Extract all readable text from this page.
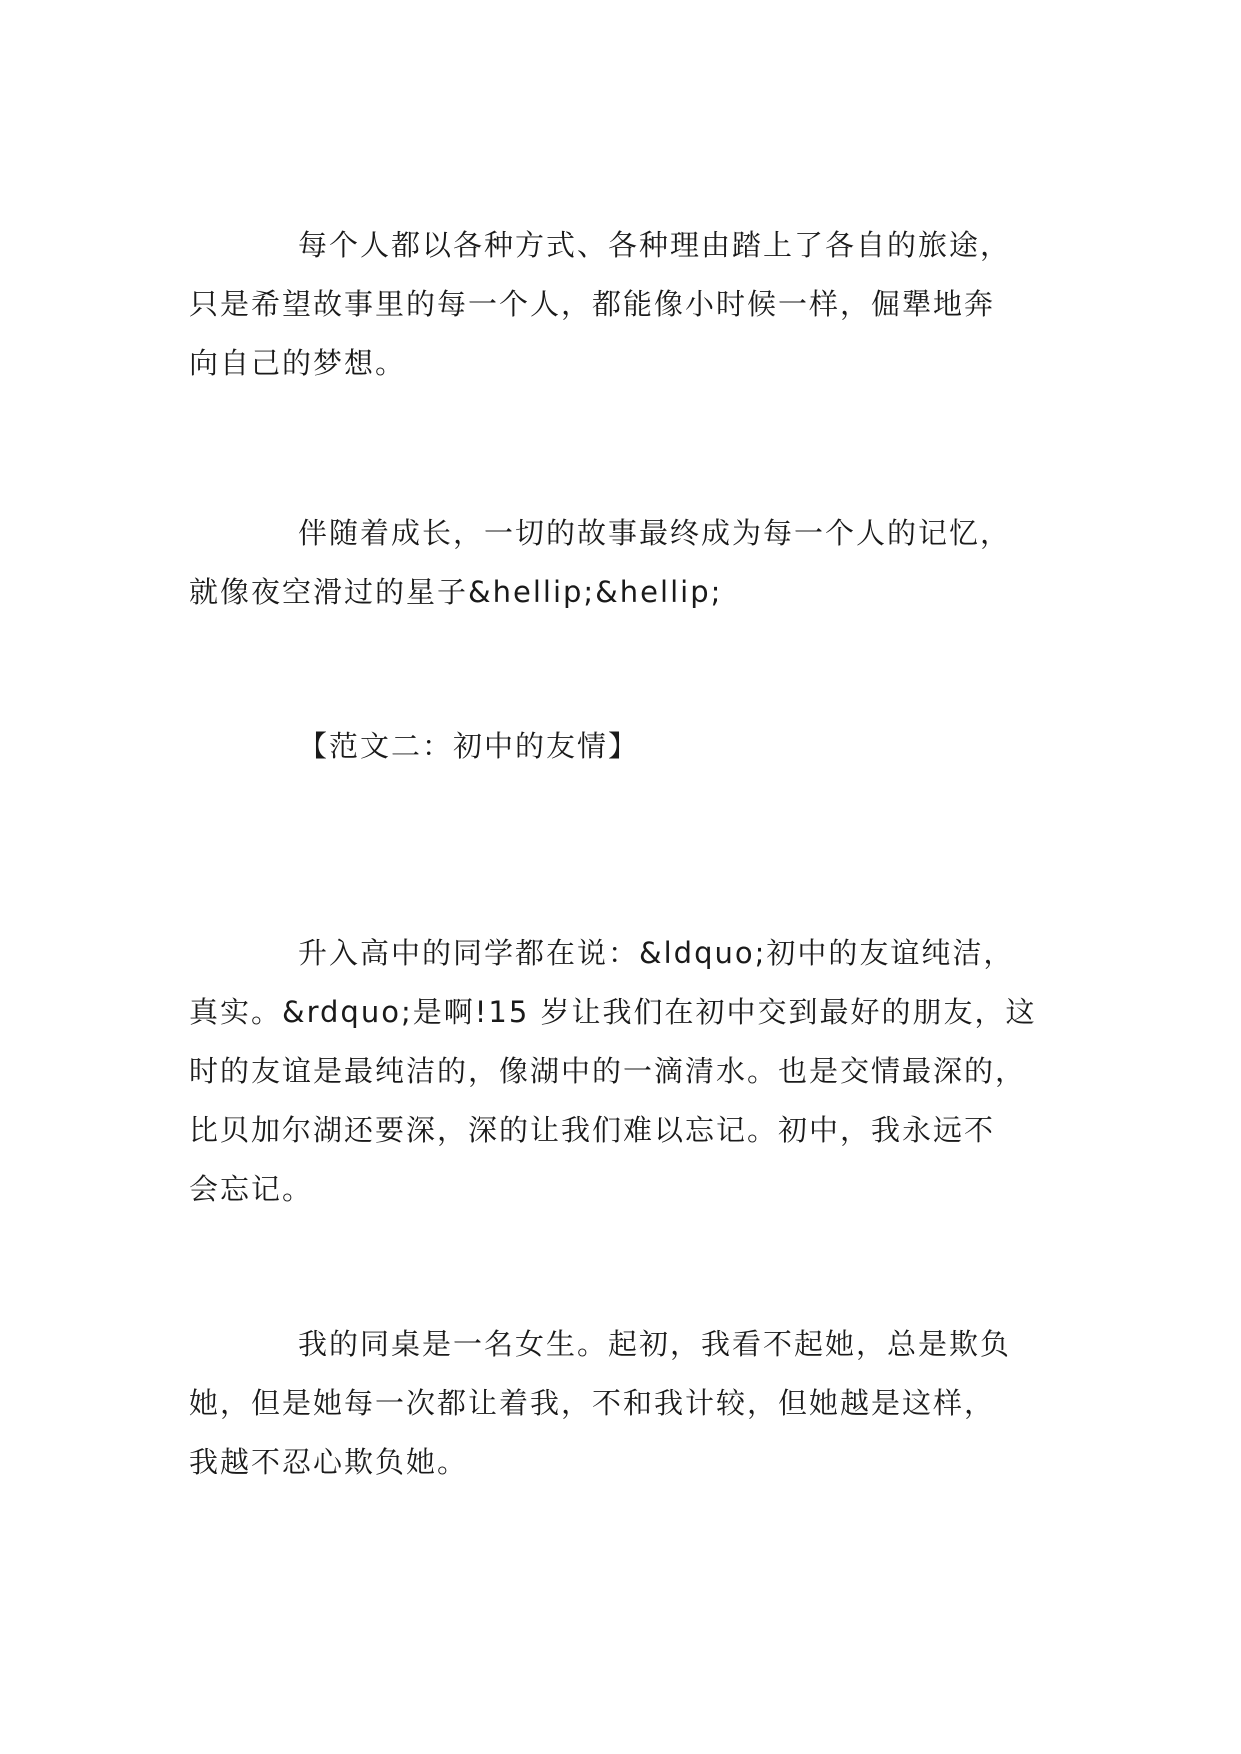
每个人都以各种方式、各种理由踏上了各自的旅途，
只是希望故事里的每一个人，都能像小时候一样，倔犟地奔
向自己的梦想。
伴随着成长，一切的故事最终成为每一个人的记忆，
就像夜空滑过的星子&hellip;&hellip;
【范文二：初中的友情】
升入高中的同学都在说：&ldquo;初中的友谊纯洁，
真实。&rdquo;是啊!15 岁让我们在初中交到最好的朋友，这
时的友谊是最纯洁的，像湖中的一滴清水。也是交情最深的，
比贝加尔湖还要深，深的让我们难以忘记。初中，我永远不
会忘记。
我的同桌是一名女生。起初，我看不起她，总是欺负
她，但是她每一次都让着我，不和我计较，但她越是这样，
我越不忍心欺负她。
